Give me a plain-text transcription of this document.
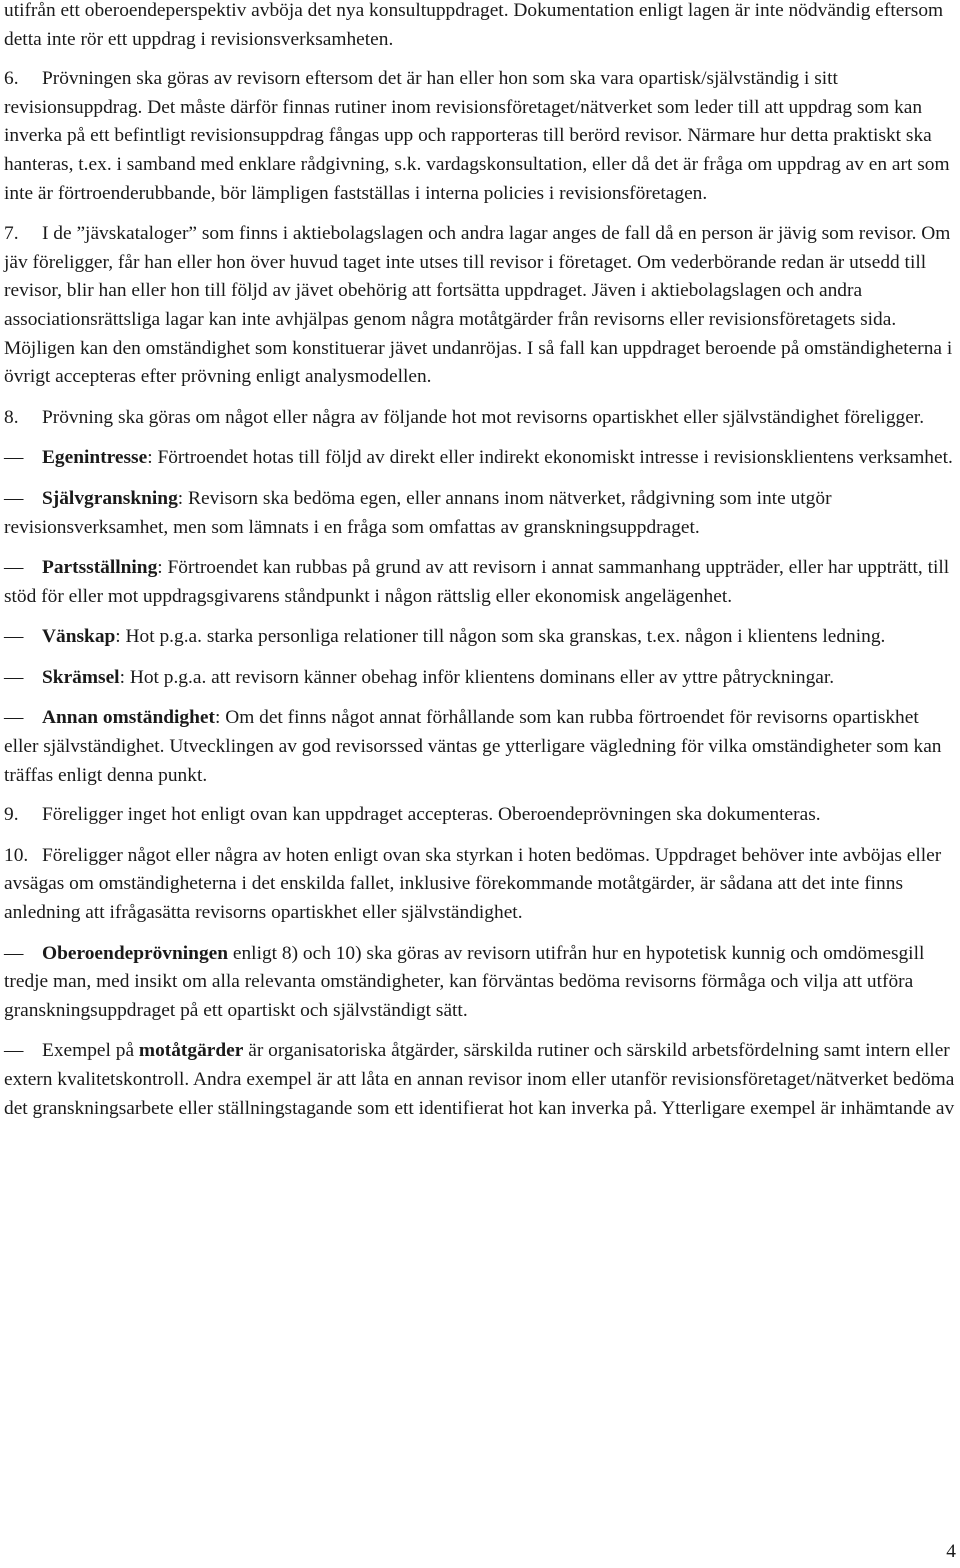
utifrån ett oberoendeperspektiv avböja det nya konsultuppdraget. Dokumentation enligt lagen är inte nödvändig eftersom detta inte rör ett uppdrag i revisionsverksamheten.

6. Prövningen ska göras av revisorn eftersom det är han eller hon som ska vara opartisk/självständig i sitt revisionsuppdrag. Det måste därför finnas rutiner inom revisionsföretaget/nätverket som leder till att uppdrag som kan inverka på ett befintligt revisionsuppdrag fångas upp och rapporteras till berörd revisor. Närmare hur detta praktiskt ska hanteras, t.ex. i samband med enklare rådgivning, s.k. vardagskonsultation, eller då det är fråga om uppdrag av en art som inte är förtroenderubbande, bör lämpligen fastställas i interna policies i revisionsföretagen.

7. I de ”jävskataloger” som finns i aktiebolagslagen och andra lagar anges de fall då en person är jävig som revisor. Om jäv föreligger, får han eller hon över huvud taget inte utses till revisor i företaget. Om vederbörande redan är utsedd till revisor, blir han eller hon till följd av jävet obehörig att fortsätta uppdraget. Jäven i aktiebolagslagen och andra associationsrättsliga lagar kan inte avhjälpas genom några motåtgärder från revisorns eller revisionsföretagets sida. Möjligen kan den omständighet som konstituerar jävet undanröjas. I så fall kan uppdraget beroende på omständigheterna i övrigt accepteras efter prövning enligt analysmodellen.

8. Prövning ska göras om något eller några av följande hot mot revisorns opartiskhet eller självständighet föreligger.

— Egenintresse: Förtroendet hotas till följd av direkt eller indirekt ekonomiskt intresse i revisionsklientens verksamhet.

— Självgranskning: Revisorn ska bedöma egen, eller annans inom nätverket, rådgivning som inte utgör revisionsverksamhet, men som lämnats i en fråga som omfattas av granskningsuppdraget.

— Partsställning: Förtroendet kan rubbas på grund av att revisorn i annat sammanhang uppträder, eller har uppträtt, till stöd för eller mot uppdragsgivarens ståndpunkt i någon rättslig eller ekonomisk angelägenhet.

— Vänskap: Hot p.g.a. starka personliga relationer till någon som ska granskas, t.ex. någon i klientens ledning.

— Skrämsel: Hot p.g.a. att revisorn känner obehag inför klientens dominans eller av yttre påtryckningar.

— Annan omständighet: Om det finns något annat förhållande som kan rubba förtroendet för revisorns opartiskhet eller självständighet. Utvecklingen av god revisorssed väntas ge ytterligare vägledning för vilka omständigheter som kan träffas enligt denna punkt.

9. Föreligger inget hot enligt ovan kan uppdraget accepteras. Oberoendeprövningen ska dokumenteras.

10. Föreligger något eller några av hoten enligt ovan ska styrkan i hoten bedömas. Uppdraget behöver inte avböjas eller avsägas om omständigheterna i det enskilda fallet, inklusive förekommande motåtgärder, är sådana att det inte finns anledning att ifrågasätta revisorns opartiskhet eller självständighet.

— Oberoendeprövningen enligt 8) och 10) ska göras av revisorn utifrån hur en hypotetisk kunnig och omdömesgill tredje man, med insikt om alla relevanta omständigheter, kan förväntas bedöma revisorns förmåga och vilja att utföra granskningsuppdraget på ett opartiskt och självständigt sätt.

— Exempel på motåtgärder är organisatoriska åtgärder, särskilda rutiner och särskild arbetsfördelning samt intern eller extern kvalitetskontroll. Andra exempel är att låta en annan revisor inom eller utanför revisionsföretaget/nätverket bedöma det granskningsarbete eller ställningstagande som ett identifierat hot kan inverka på. Ytterligare exempel är inhämtande av

4
